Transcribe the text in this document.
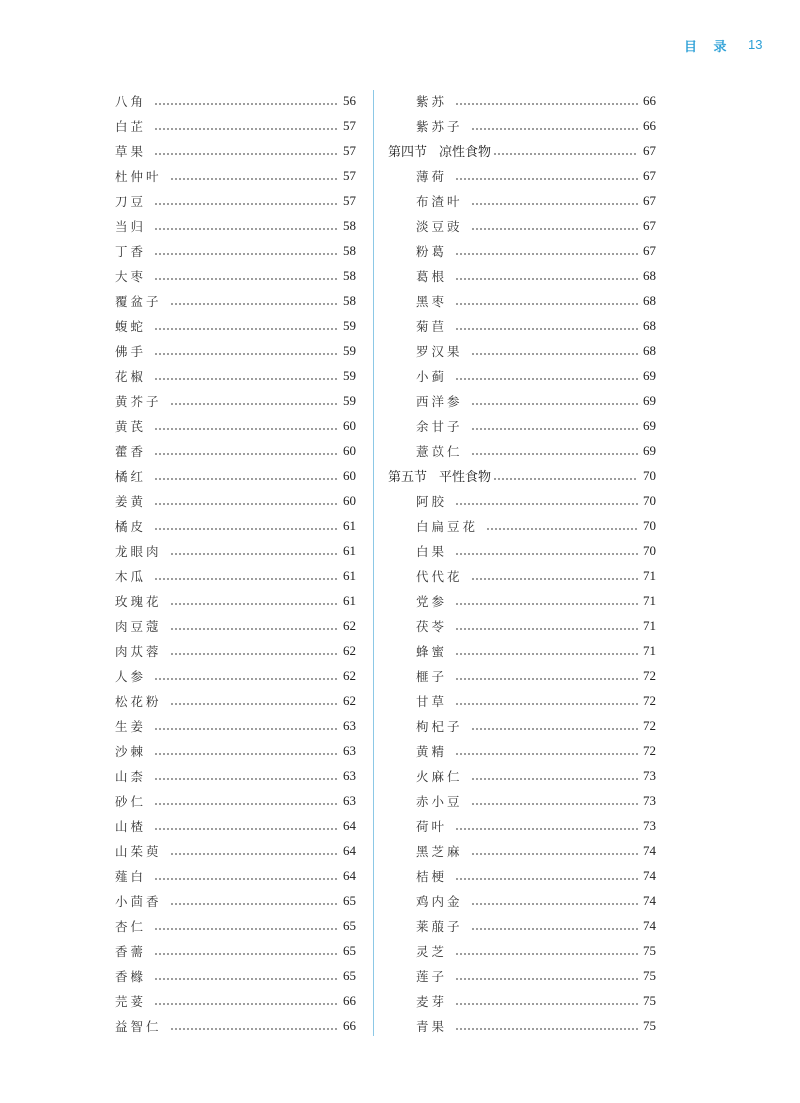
目 录 13
八角	56
白芷	57
草果	57
杜仲叶	57
刀豆	57
当归	58
丁香	58
大枣	58
覆盆子	58
蝮蛇	59
佛手	59
花椒	59
黄芥子	59
黄芪	60
藿香	60
橘红	60
姜黄	60
橘皮	61
龙眼肉	61
木瓜	61
玫瑰花	61
肉豆蔻	62
肉苁蓉	62
人参	62
松花粉	62
生姜	63
沙棘	63
山柰	63
砂仁	63
山楂	64
山茱萸	64
薤白	64
小茴香	65
杏仁	65
香薷	65
香橼	65
芫荽	66
益智仁	66
紫苏	66
紫苏子	66
第四节 凉性食物	67
薄荷	67
布渣叶	67
淡豆豉	67
粉葛	67
葛根	68
黑枣	68
菊苣	68
罗汉果	68
小蓟	69
西洋参	69
余甘子	69
薏苡仁	69
第五节 平性食物	70
阿胶	70
白扁豆花	70
白果	70
代代花	71
党参	71
茯苓	71
蜂蜜	71
榧子	72
甘草	72
枸杞子	72
黄精	72
火麻仁	73
赤小豆	73
荷叶	73
黑芝麻	74
桔梗	74
鸡内金	74
莱菔子	74
灵芝	75
莲子	75
麦芽	75
青果	75
